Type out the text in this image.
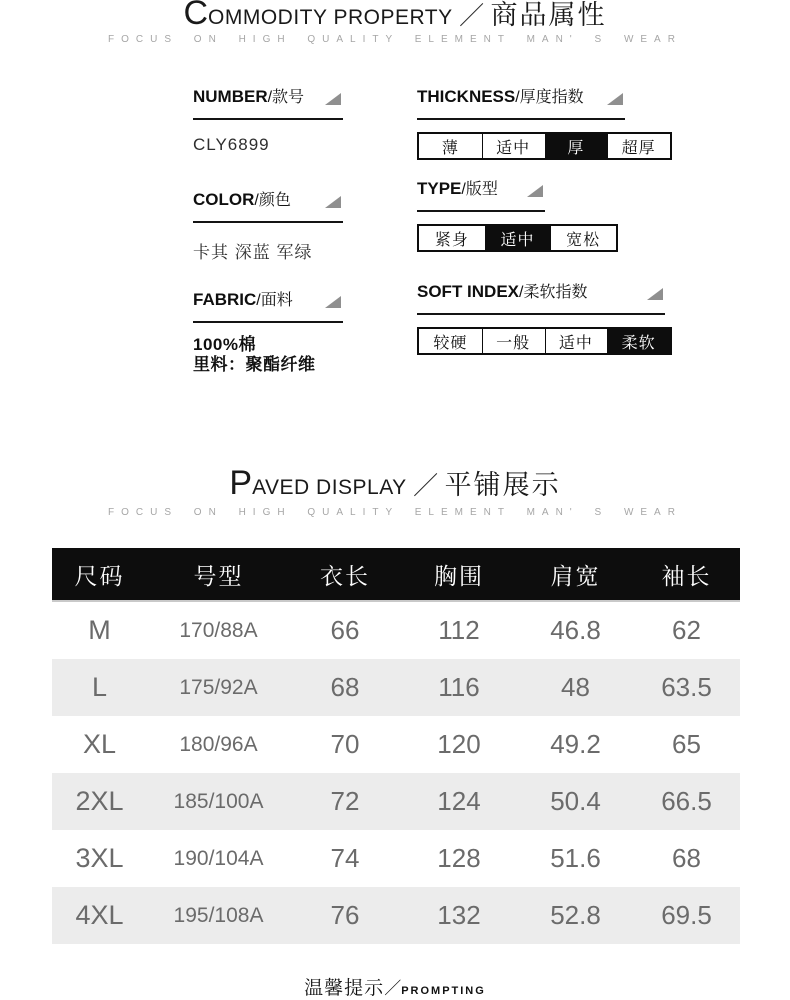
COMMODITY PROPERTY ／ 商品属性
FOCUS ON HIGH QUALITY ELEMENT MAN' S WEAR
NUMBER/款号
CLY6899
COLOR/颜色
卡其 深蓝 军绿
FABRIC/面料
100%棉
里料：聚酯纤维
THICKNESS/厚度指数
薄	适中	厚	超厚
TYPE/版型
紧身	适中	宽松
SOFT INDEX/柔软指数
较硬	一般	适中	柔软
PAVED DISPLAY ／ 平铺展示
FOCUS ON HIGH QUALITY ELEMENT MAN' S WEAR
尺码	号型	衣长	胸围	肩宽	袖长
M	170/88A	66	112	46.8	62
L	175/92A	68	116	48	63.5
XL	180/96A	70	120	49.2	65
2XL	185/100A	72	124	50.4	66.5
3XL	190/104A	74	128	51.6	68
4XL	195/108A	76	132	52.8	69.5
温馨提示／PROMPTING
